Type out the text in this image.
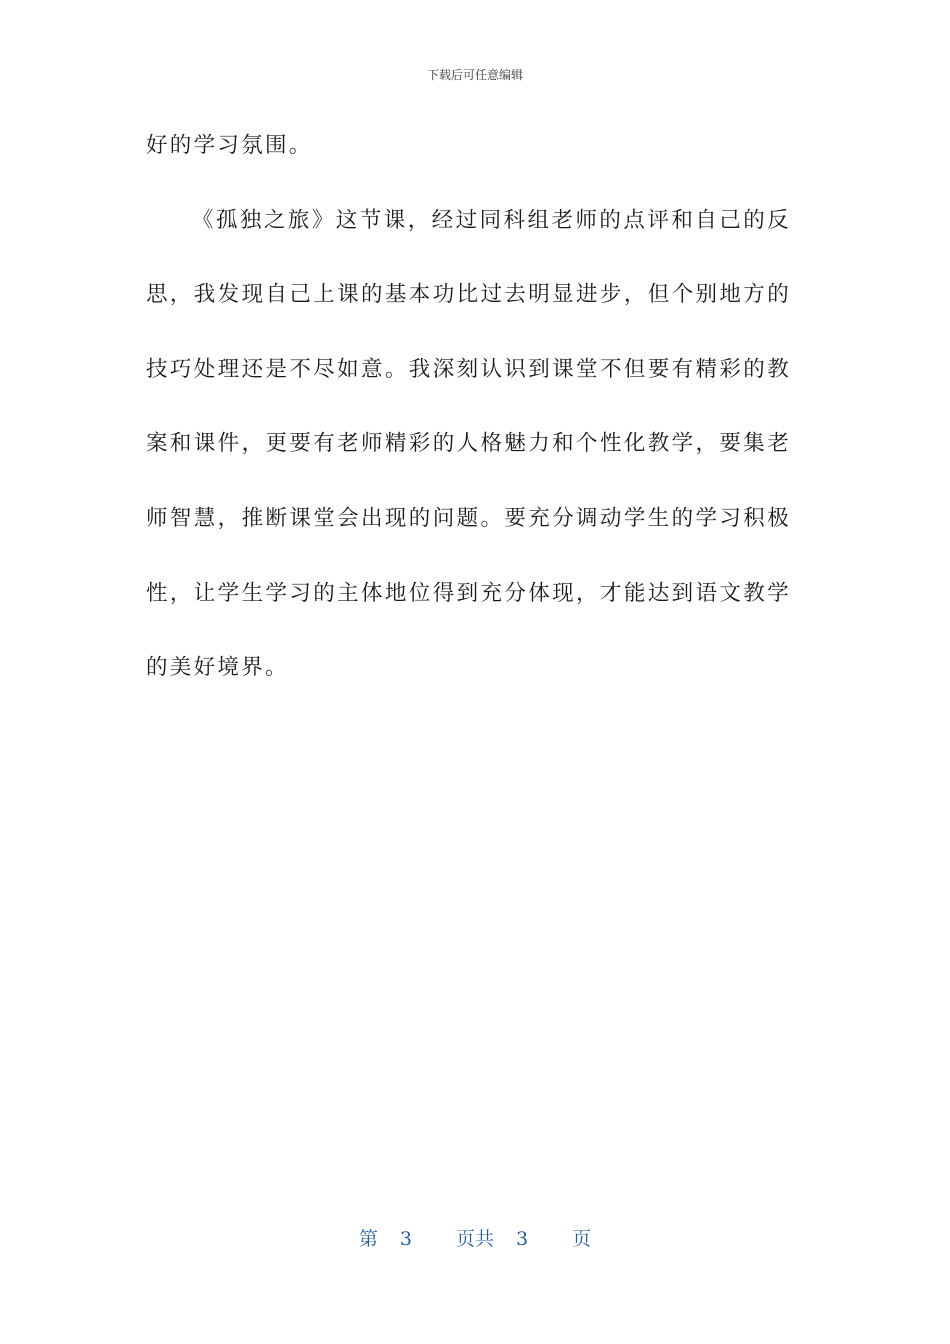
下载后可任意编辑

好的学习氛围。

《孤独之旅》这节课，经过同科组老师的点评和自己的反思，我发现自己上课的基本功比过去明显进步，但个别地方的技巧处理还是不尽如意。我深刻认识到课堂不但要有精彩的教案和课件，更要有老师精彩的人格魅力和个性化教学，要集老师智慧，推断课堂会出现的问题。要充分调动学生的学习积极性，让学生学习的主体地位得到充分体现，才能达到语文教学的美好境界。

第 3 页共 3 页
